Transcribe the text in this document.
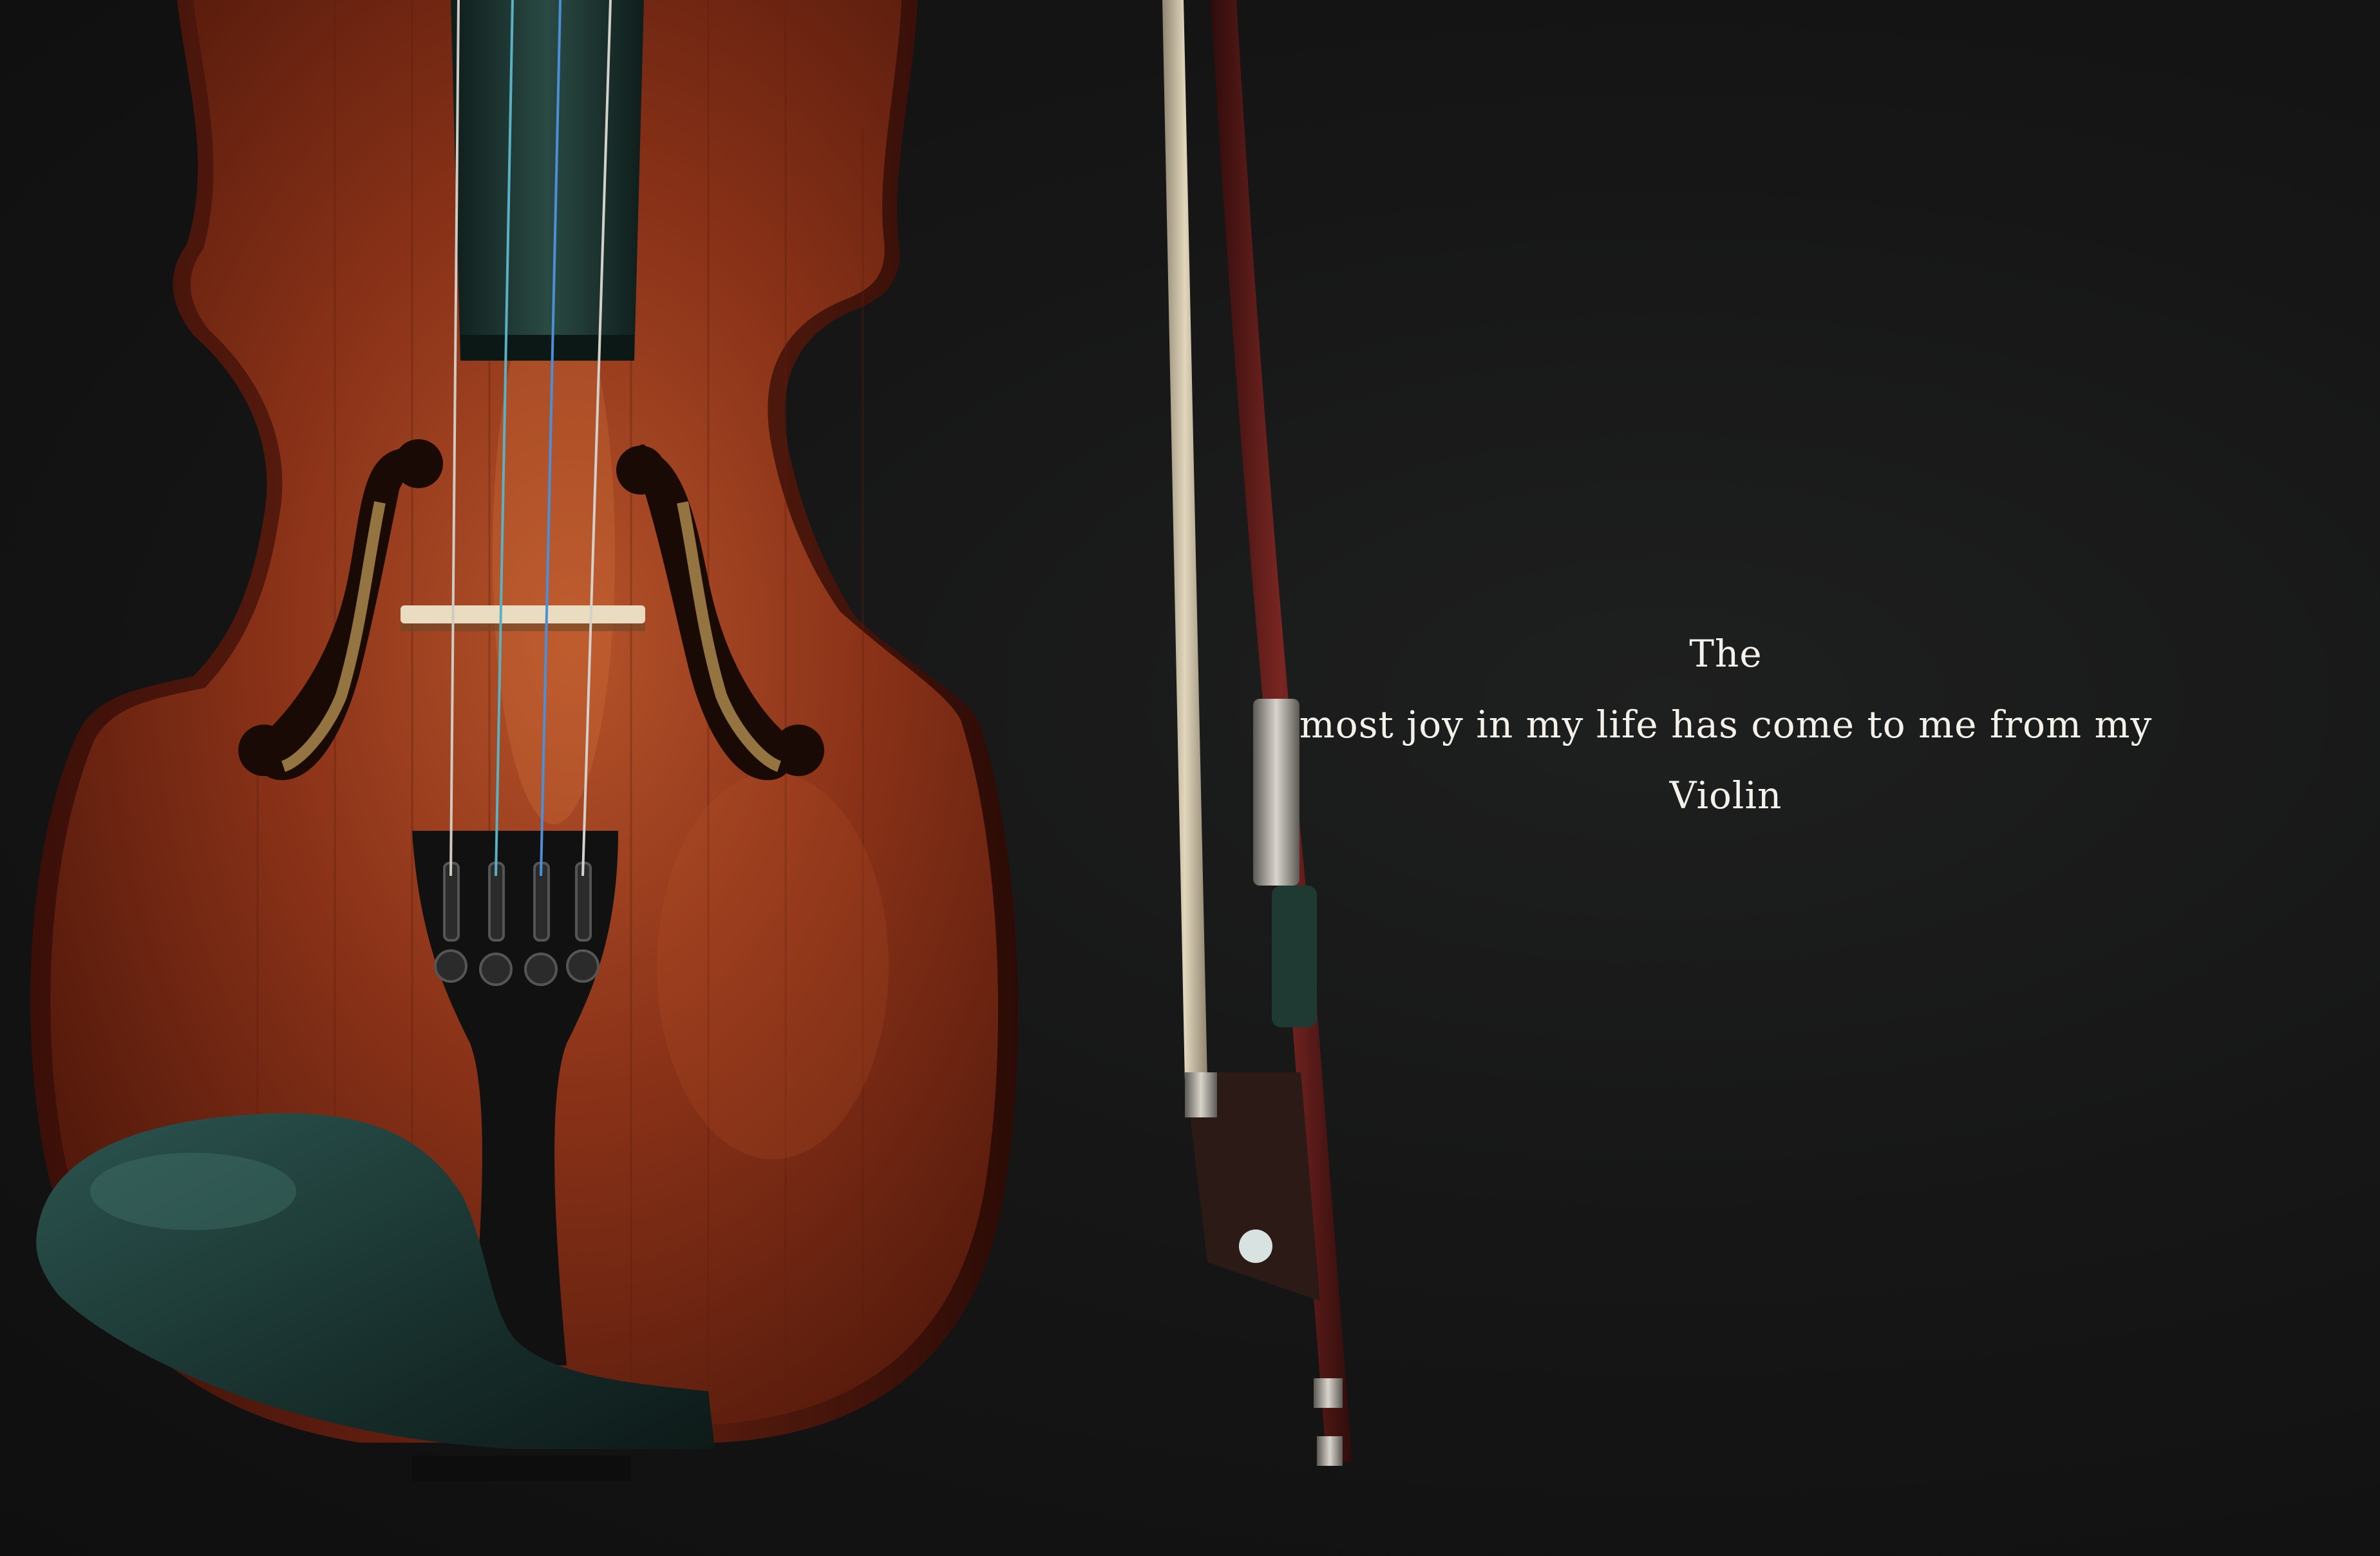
The
most joy in my life has come to me from my
Violin
